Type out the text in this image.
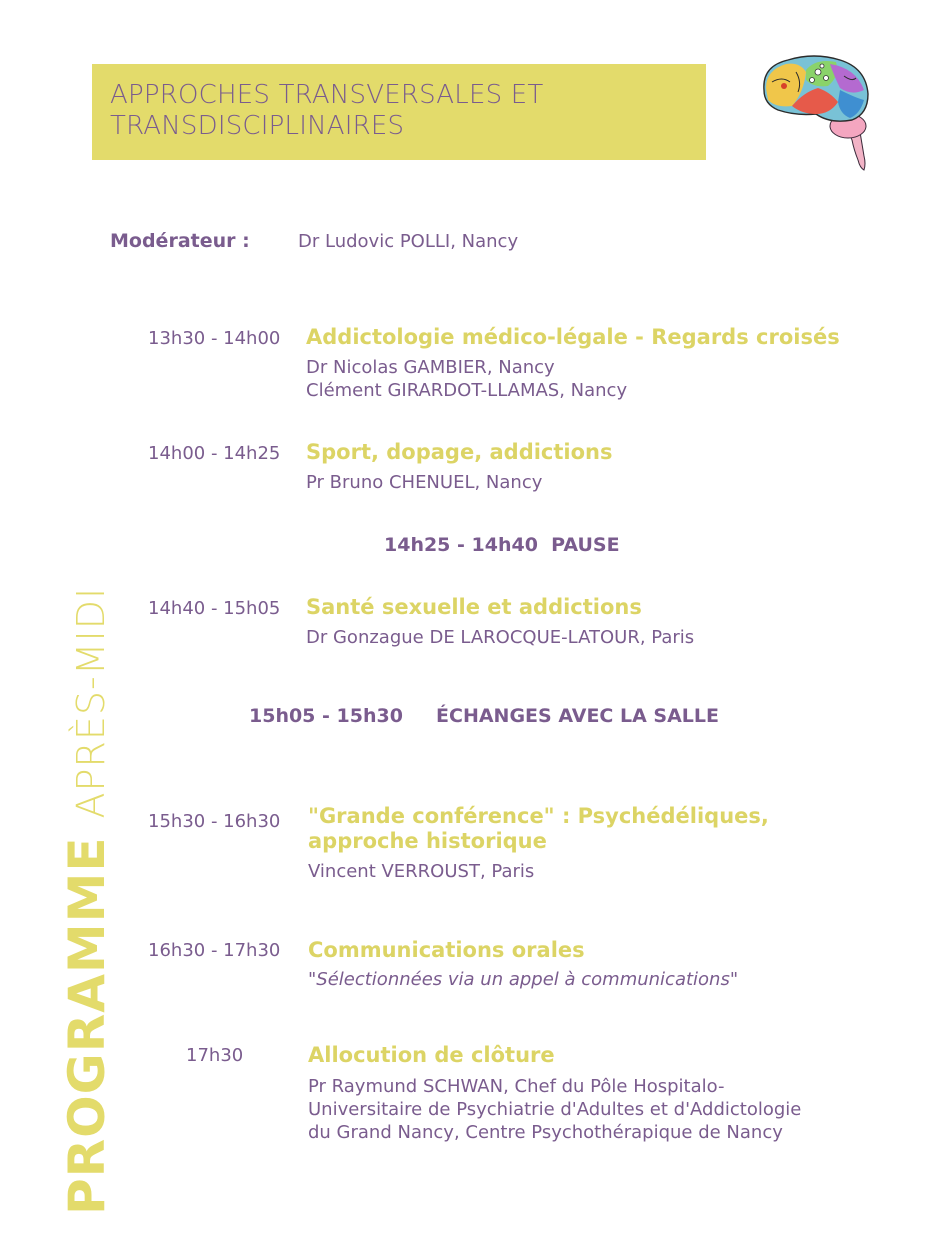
APPROCHES TRANSVERSALES ET
TRANSDISCIPLINAIRES
Modérateur :	Dr Ludovic POLLI, Nancy
13h30 - 14h00 Addictologie médico-légale - Regards croisés
Dr Nicolas GAMBIER, Nancy
Clément GIRARDOT-LLAMAS, Nancy
14h00 - 14h25 Sport, dopage, addictions
Pr Bruno CHENUEL, Nancy
14h25 - 14h40 PAUSE
14h40 - 15h05 Santé sexuelle et addictions
Dr Gonzague DE LAROCQUE-LATOUR, Paris
15h05 - 15h30 ÉCHANGES AVEC LA SALLE
15h30 - 16h30 "Grande conférence" : Psychédéliques,
approche historique
Vincent VERROUST, Paris
16h30 - 17h30 Communications orales
"Sélectionnées via un appel à communications"
17h30	Allocution de clôture
Pr Raymund SCHWAN, Chef du Pôle Hospitalo-
Universitaire de Psychiatrie d'Adultes et d'Addictologie
du Grand Nancy, Centre Psychothérapique de Nancy
PROGRAMMEAPRÈS-MIDI
